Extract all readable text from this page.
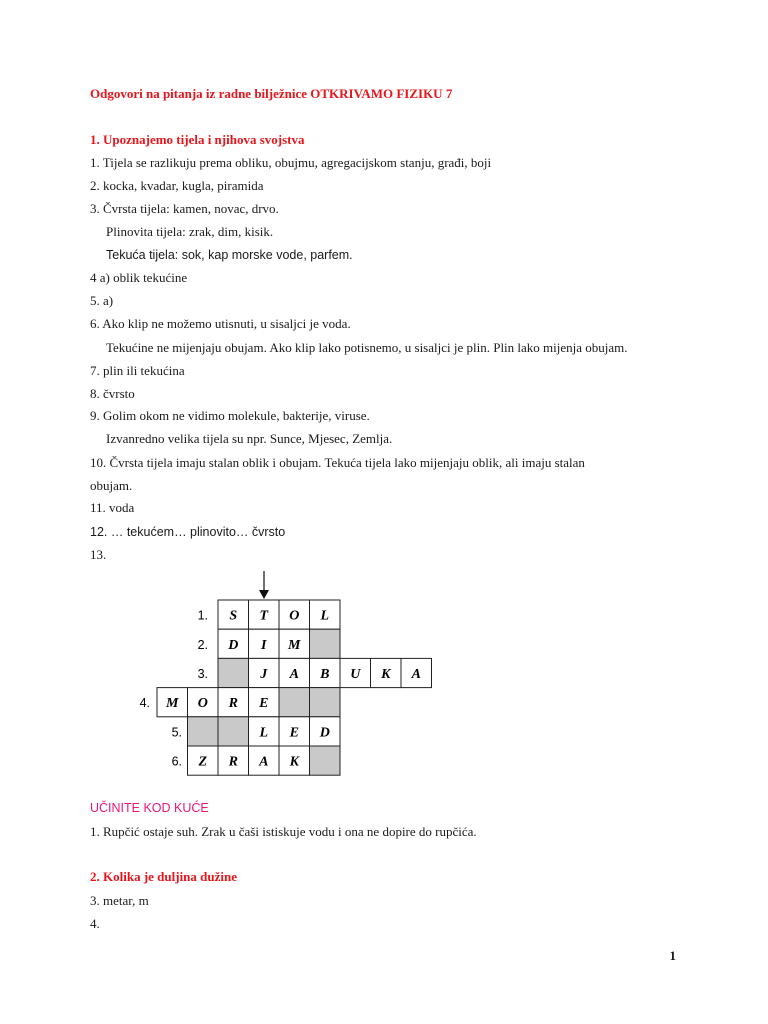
Odgovori na pitanja iz radne bilježnice OTKRIVAMO FIZIKU 7
1. Upoznajemo tijela i njihova svojstva
1. Tijela se razlikuju prema obliku, obujmu, agregacijskom stanju, građi, boji
2. kocka, kvadar, kugla, piramida
3. Čvrsta tijela: kamen, novac, drvo.
Plinovita tijela: zrak, dim, kisik.
Tekuća tijela: sok, kap morske vode, parfem.
4 a) oblik tekućine
5. a)
6. Ako klip ne možemo utisnuti, u sisaljci je voda.
Tekućine ne mijenjaju obujam. Ako klip lako potisnemo, u sisaljci je plin. Plin lako mijenja obujam.
7. plin ili tekućina
8. čvrsto
9. Golim okom ne vidimo molekule, bakterije, viruse.
Izvanredno velika tijela su npr. Sunce, Mjesec, Zemlja.
10. Čvrsta tijela imaju stalan oblik i obujam. Tekuća tijela lako mijenjaju oblik, ali imaju stalan
obujam.
11. voda
12. … tekućem… plinovito… čvrsto
13.
S T O L
D I M
J A B U K A
M O R E
L E D
Z R A K
1.
2.
3.
4.
5.
6.
UČINITE KOD KUĆE
1. Rupčić ostaje suh. Zrak u čaši istiskuje vodu i ona ne dopire do rupčića.
2. Kolika je duljina dužine
3. metar, m
4.
1
